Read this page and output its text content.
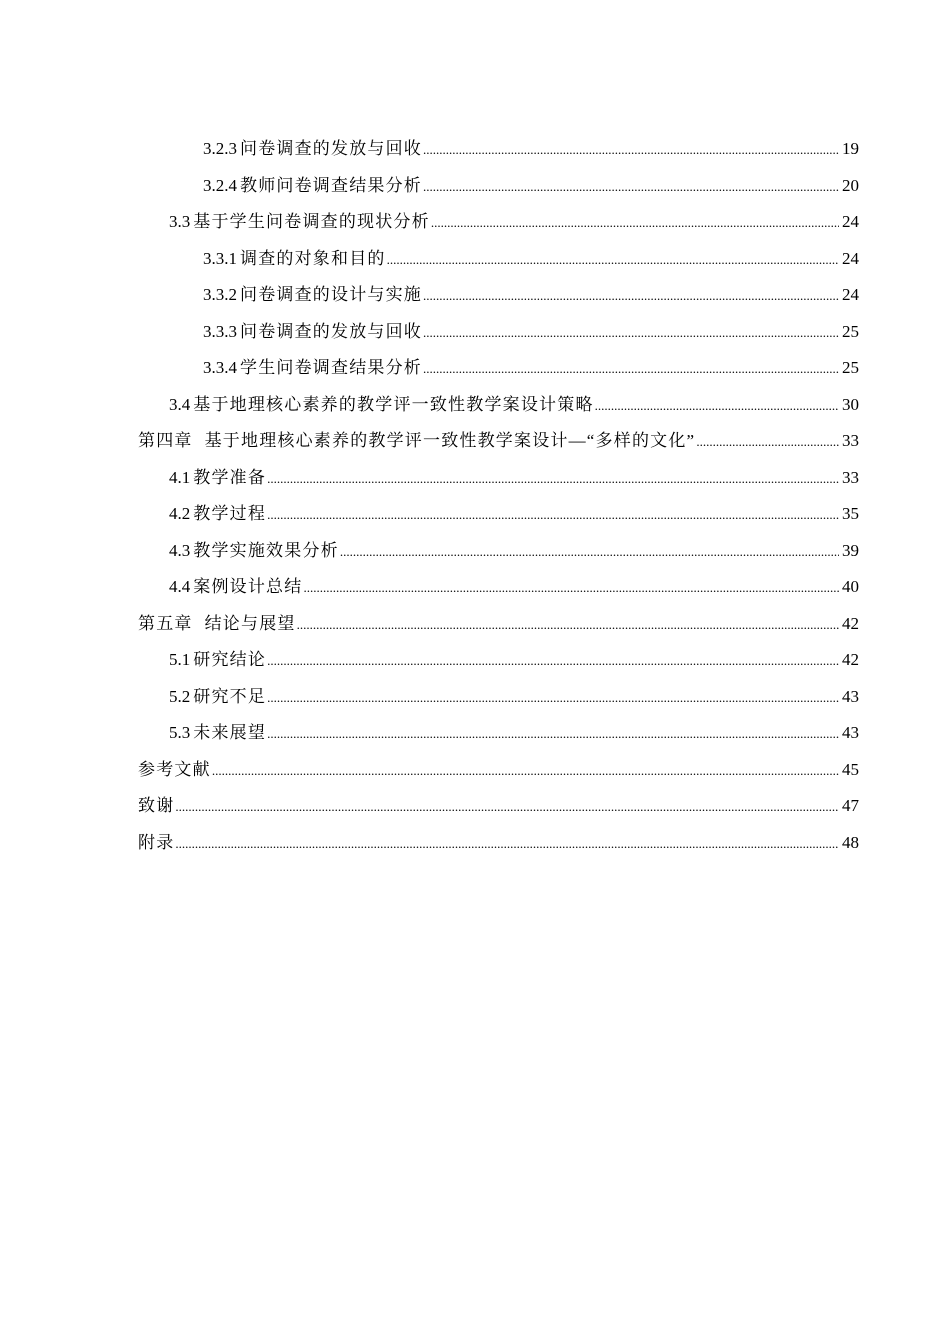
3.2.3 问卷调查的发放与回收 .....	19
3.2.4 教师问卷调查结果分析 .....	20
3.3 基于学生问卷调查的现状分析 .....	24
3.3.1 调查的对象和目的 .....	24
3.3.2 问卷调查的设计与实施 .....	24
3.3.3 问卷调查的发放与回收 .....	25
3.3.4 学生问卷调查结果分析 .....	25
3.4 基于地理核心素养的教学评一致性教学案设计策略 .....	30
第四章 基于地理核心素养的教学评一致性教学案设计—“多样的文化” .....	33
4.1 教学准备 .....	33
4.2 教学过程 .....	35
4.3 教学实施效果分析 .....	39
4.4 案例设计总结 .....	40
第五章 结论与展望 .....	42
5.1 研究结论 .....	42
5.2 研究不足 .....	43
5.3 未来展望 .....	43
参考文献 .....	45
致谢 .....	47
附录 .....	48
